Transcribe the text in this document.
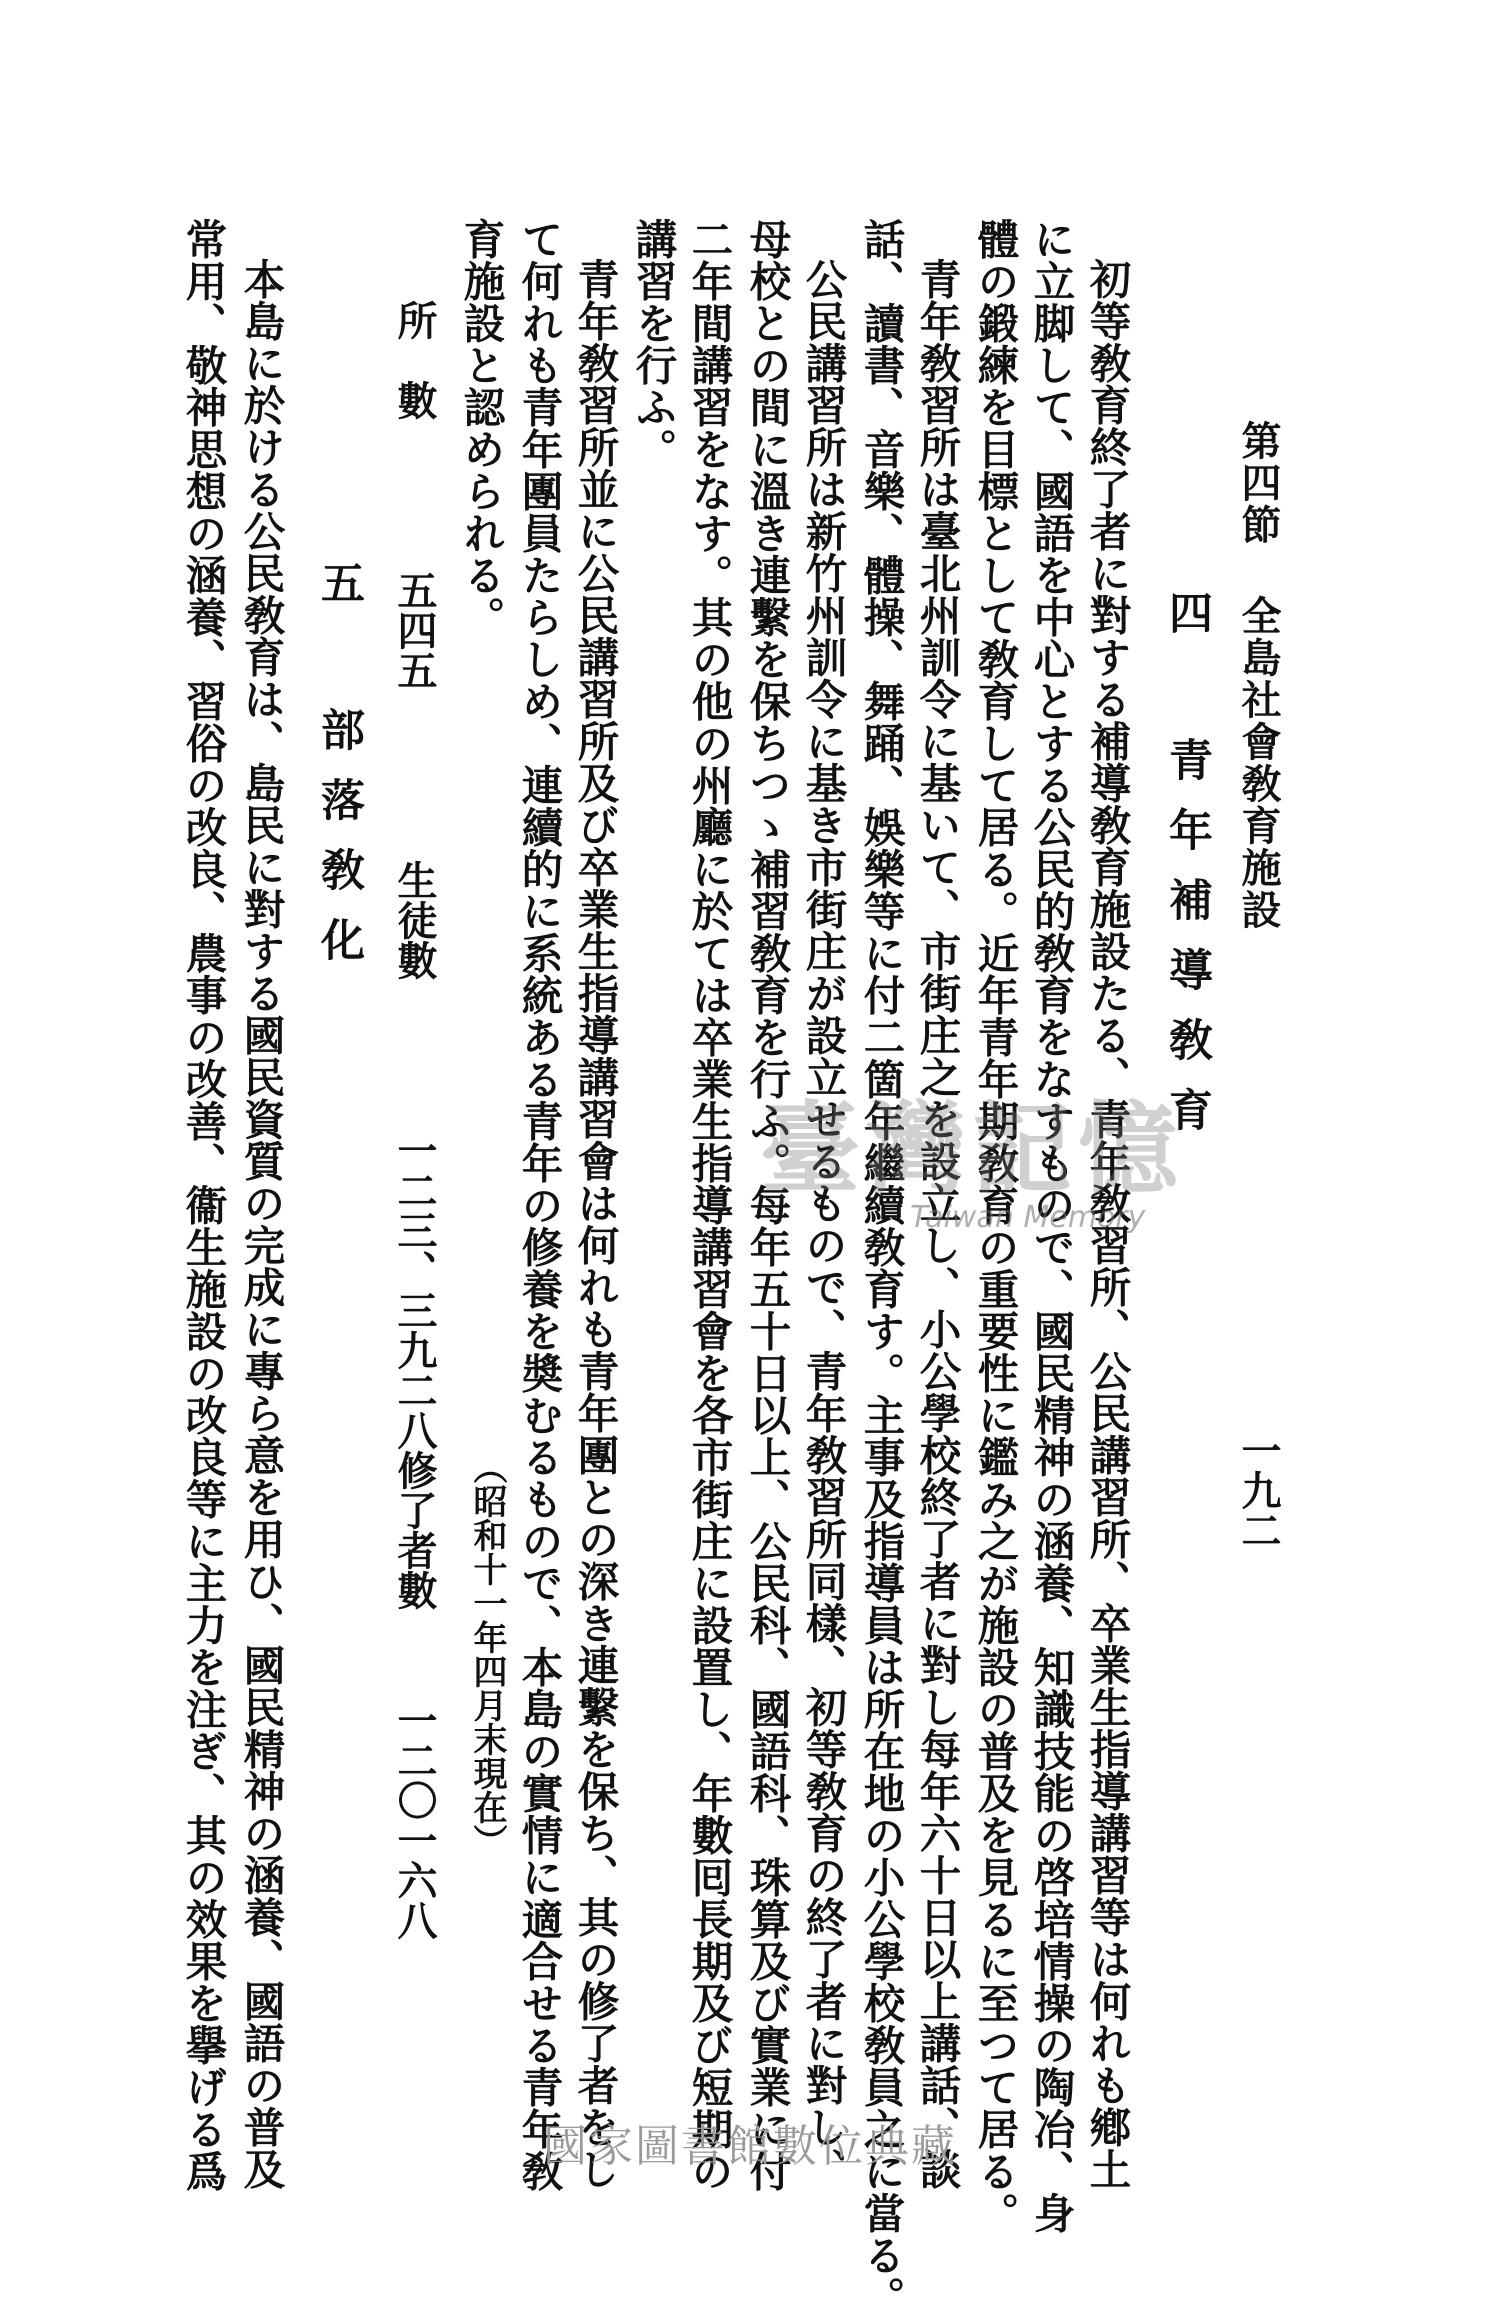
第四節 全島社會敎育施設
一九二
四 青年補導敎育
初等敎育終了者に對する補導敎育施設たる、青年敎習所、公民講習所、卒業生指導講習等は何れも鄕土
に立脚して、國語を中心とする公民的敎育をなすもので、國民精神の涵養、知識技能の啓培情操の陶冶、身
體の鍛練を目標として敎育して居る。近年青年期敎育の重要性に鑑み之が施設の普及を見るに至つて居る。
青年敎習所は臺北州訓令に基いて、市街庄之を設立し、小公學校終了者に對し每年六十日以上講話、談
話、讀書、音樂、體操、舞踊、娛樂等に付二箇年繼續敎育す。主事及指導員は所在地の小公學校敎員之に當る。
公民講習所は新竹州訓令に基き市街庄が設立せるもので、青年敎習所同樣、初等敎育の終了者に對し、
母校との間に溫き連繫を保ちつゝ補習敎育を行ふ。每年五十日以上、公民科、國語科、珠算及び實業に付
二年間講習をなす。其の他の州廳に於ては卒業生指導講習會を各市街庄に設置し、年數囘長期及び短期の
講習を行ふ。
青年敎習所並に公民講習所及び卒業生指導講習會は何れも青年團との深き連繫を保ち、其の修了者をし
て何れも青年團員たらしめ、連續的に系統ある青年の修養を奬むるもので、本島の實情に適合せる青年敎
育施設と認められる。
（昭和十一年四月末現在）
所　數
五四五
生徒數
一二三、三九二八
修了者數
一二〇一六八
五 部落敎化
本島に於ける公民敎育は、島民に對する國民資質の完成に專ら意を用ひ、國民精神の涵養、國語の普及
常用、敬神思想の涵養、習俗の改良、農事の改善、衞生施設の改良等に主力を注ぎ、其の效果を擧げる爲	臺灣記憶
Taiwan Memory
國家圖書館數位典藏
